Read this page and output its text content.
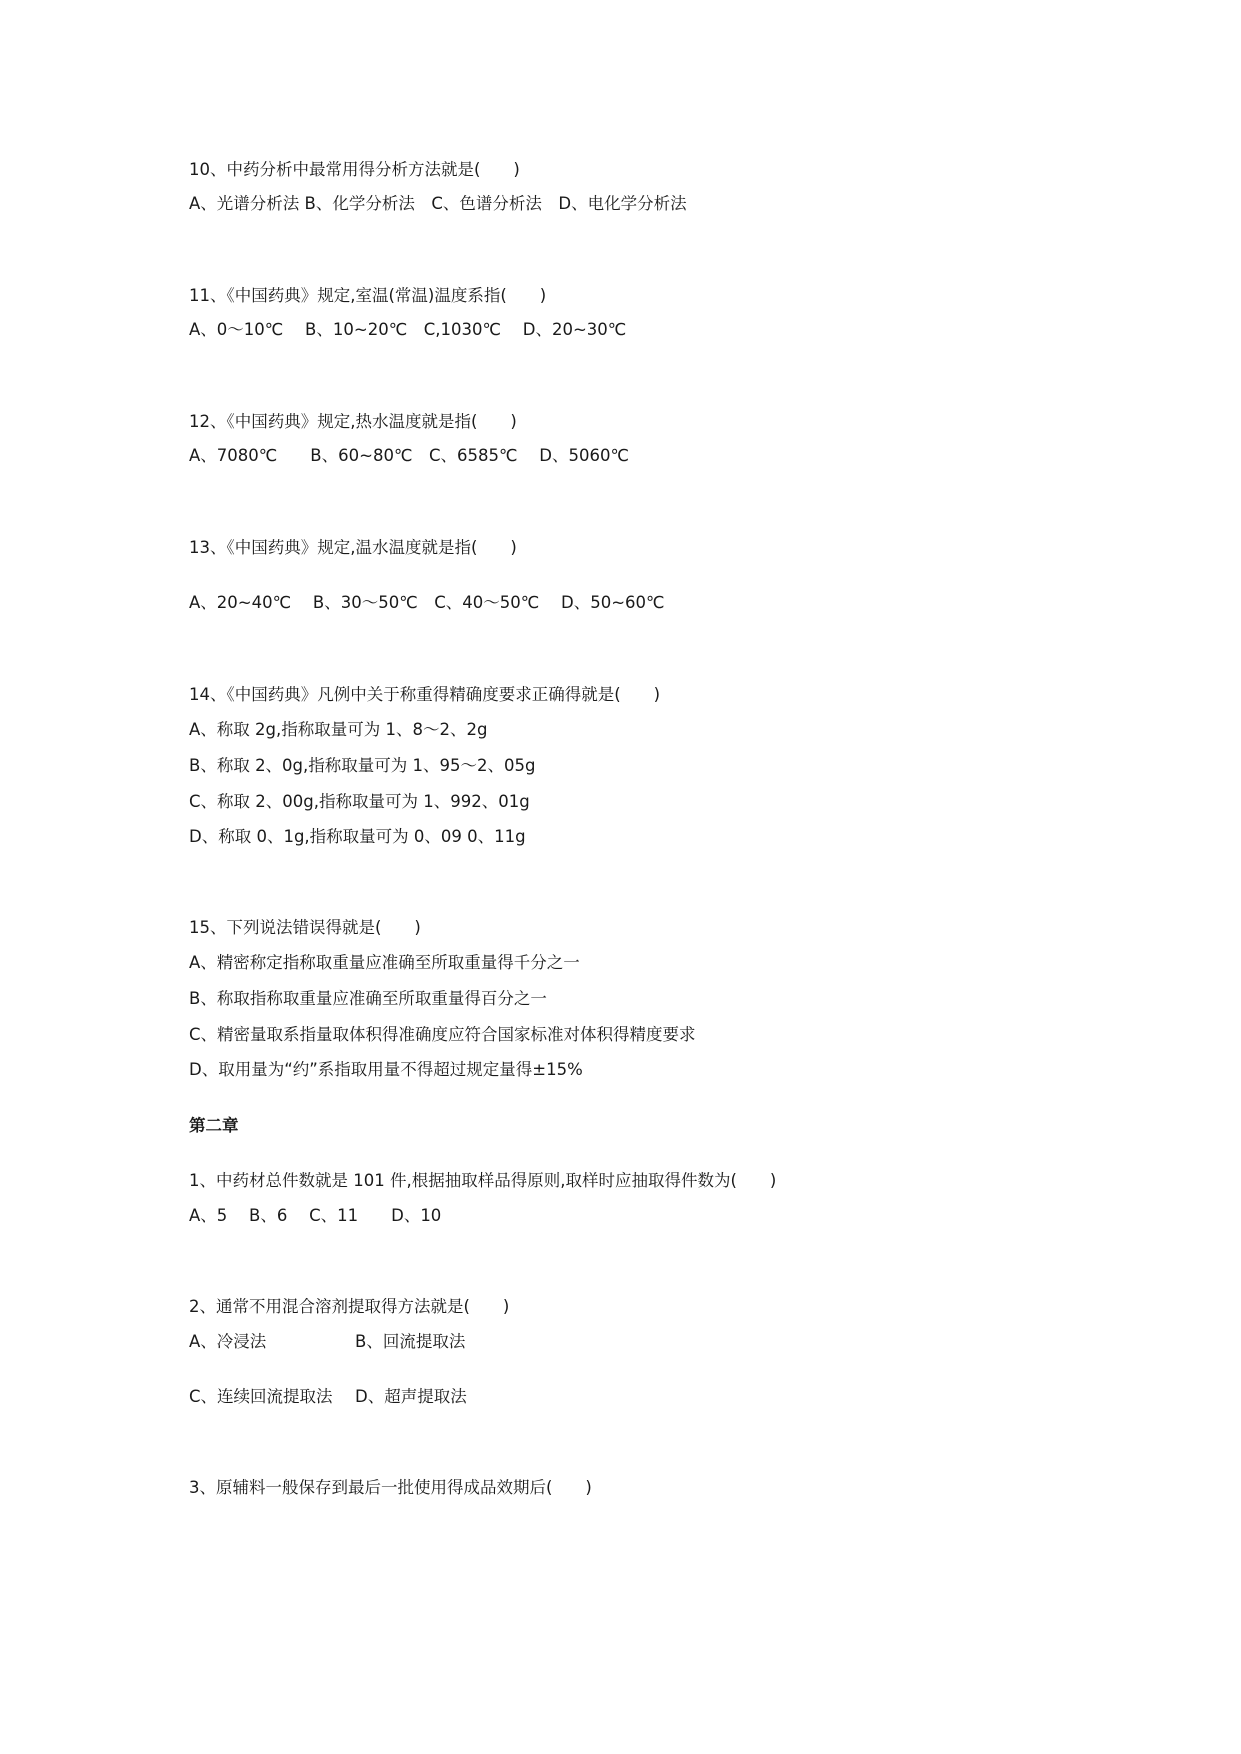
10、中药分析中最常用得分析方法就是(　　)
A、光谱分析法 B、化学分析法　C、色谱分析法　D、电化学分析法
11、《中国药典》规定,室温(常温)温度系指(　　)
A、0～10℃　 B、10~20℃　C,1030℃　 D、20~30℃
12、《中国药典》规定,热水温度就是指(　　)
A、7080℃　　B、60~80℃　C、6585℃　 D、5060℃
13、《中国药典》规定,温水温度就是指(　　)
A、20~40℃　 B、30～50℃　C、40～50℃　 D、50~60℃
14、《中国药典》凡例中关于称重得精确度要求正确得就是(　　)
A、称取 2g,指称取量可为 1、8～2、2g
B、称取 2、0g,指称取量可为 1、95～2、05g
C、称取 2、00g,指称取量可为 1、992、01g
D、称取 0、1g,指称取量可为 0、09 0、11g
15、下列说法错误得就是(　　)
A、精密称定指称取重量应准确至所取重量得千分之一
B、称取指称取重量应准确至所取重量得百分之一
C、精密量取系指量取体积得准确度应符合国家标准对体积得精度要求
D、取用量为“约”系指取用量不得超过规定量得±15%
第二章
1、中药材总件数就是 101 件,根据抽取样品得原则,取样时应抽取得件数为(　　)
A、5　 B、6　 C、11　　D、10
2、通常不用混合溶剂提取得方法就是(　　)
A、冷浸法	B、回流提取法
C、连续回流提取法 D、超声提取法
3、原辅料一般保存到最后一批使用得成品效期后(　　)
